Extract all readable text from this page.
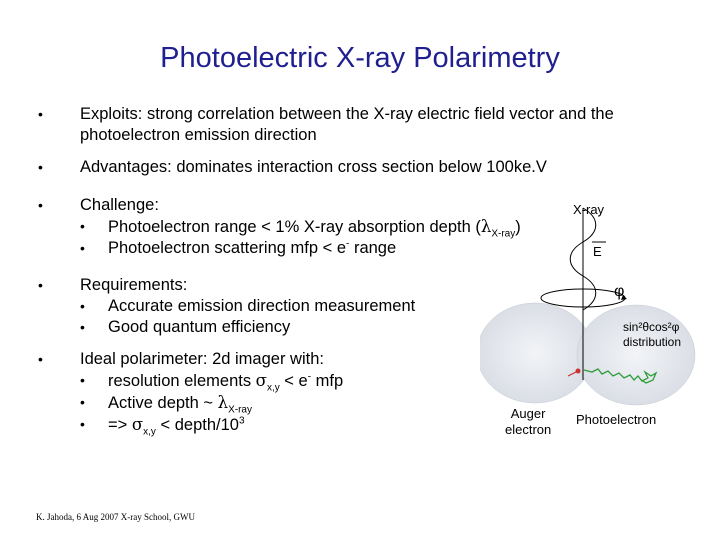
Photoelectric X-ray Polarimetry
• Exploits: strong correlation between the X-ray electric field vector and the photoelectron emission direction
• Advantages: dominates interaction cross section below 100ke.V
• Challenge:
• Photoelectron range < 1% X-ray absorption depth $(\lambda_{X-ray})$
• Photoelectron scattering mfp < e- range
• Requirements:
• Accurate emission direction measurement
• Good quantum efficiency
• Ideal polarimeter: 2d imager with:
• resolution elements $\sigma_{x,y} < e^-$ mfp
• Active depth ~ $\lambda_{X-ray}$
• => $\sigma_{x,y}$ < depth/$10^3$
X-ray
E
φ
sin²θcos²φ
distribution
Auger
electron
Photoelectron
K. Jahoda, 6 Aug 2007 X-ray School, GWU
